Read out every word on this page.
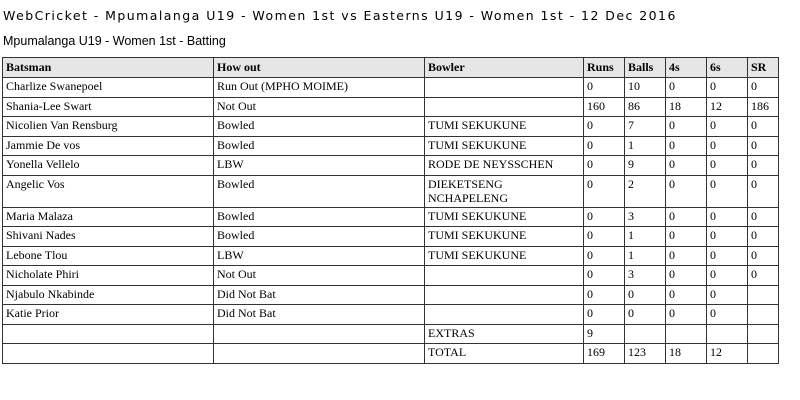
WebCricket - Mpumalanga U19 - Women 1st vs Easterns U19 - Women 1st - 12 Dec 2016
Mpumalanga U19 - Women 1st - Batting
Batsman	How out	Bowler	Runs	Balls	4s	6s	SR
Charlize Swanepoel	Run Out (MPHO MOIME)		0	10	0	0	0
Shania-Lee Swart	Not Out		160	86	18	12	186
Nicolien Van Rensburg	Bowled	TUMI SEKUKUNE	0	7	0	0	0
Jammie De vos	Bowled	TUMI SEKUKUNE	0	1	0	0	0
Yonella Vellelo	LBW	RODE DE NEYSSCHEN	0	9	0	0	0
Angelic Vos	Bowled	DIEKETSENG NCHAPELENG	0	2	0	0	0
Maria Malaza	Bowled	TUMI SEKUKUNE	0	3	0	0	0
Shivani Nades	Bowled	TUMI SEKUKUNE	0	1	0	0	0
Lebone Tlou	LBW	TUMI SEKUKUNE	0	1	0	0	0
Nicholate Phiri	Not Out		0	3	0	0	0
Njabulo Nkabinde	Did Not Bat		0	0	0	0	
Katie Prior	Did Not Bat		0	0	0	0	
		EXTRAS	9				
		TOTAL	169	123	18	12	
